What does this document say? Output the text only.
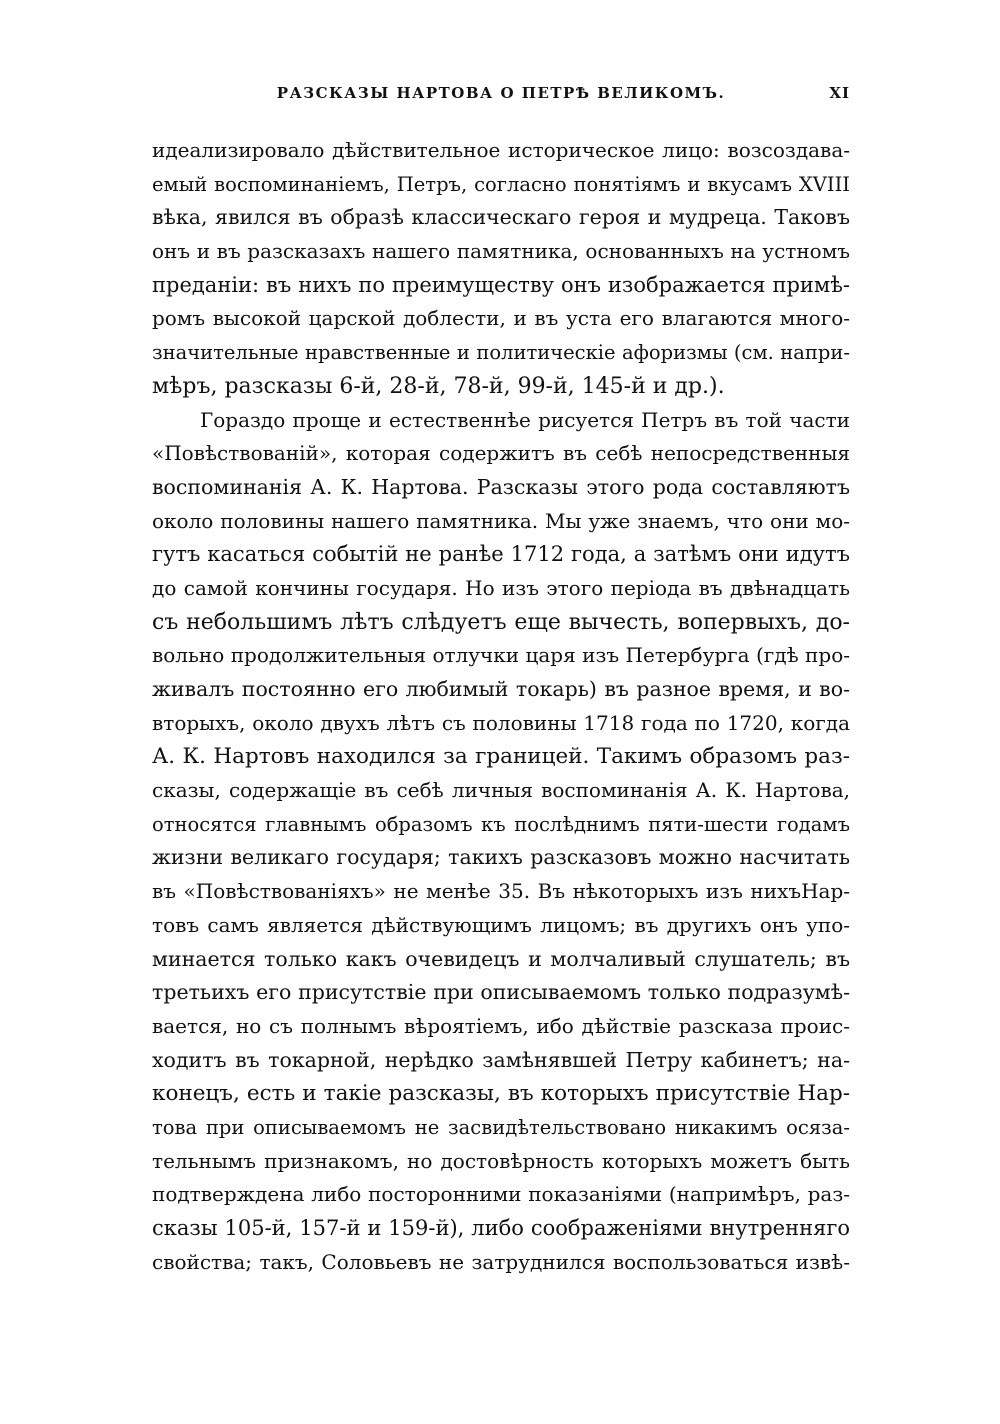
РАЗСКАЗЫ НАРТОВА О ПЕТРѢ ВЕЛИКОМЪ.	XI
идеализировало дѣйствительное историческое лицо: возсоздава-
емый воспоминаніемъ, Петръ, согласно понятіямъ и вкусамъ XVIII
вѣка, явился въ образѣ классическаго героя и мудреца. Таковъ
онъ и въ разсказахъ нашего памятника, основанныхъ на устномъ
преданіи: въ нихъ по преимуществу онъ изображается примѣ-
ромъ высокой царской доблести, и въ уста его влагаются много-
значительные нравственные и политическіе афоризмы (см. напри-
мѣръ, разсказы 6-й, 28-й, 78-й, 99-й, 145-й и др.).
Гораздо проще и естественнѣе рисуется Петръ въ той части
«Повѣствованій», которая содержитъ въ себѣ непосредственныя
воспоминанія А. К. Нартова. Разсказы этого рода составляютъ
около половины нашего памятника. Мы уже знаемъ, что они мо-
гутъ касаться событій не ранѣе 1712 года, а затѣмъ они идутъ
до самой кончины государя. Но изъ этого періода въ двѣнадцать
съ небольшимъ лѣтъ слѣдуетъ еще вычесть, вопервыхъ, до-
вольно продолжительныя отлучки царя изъ Петербурга (гдѣ про-
живалъ постоянно его любимый токарь) въ разное время, и во-
вторыхъ, около двухъ лѣтъ съ половины 1718 года по 1720, когда
А. К. Нартовъ находился за границей. Такимъ образомъ раз-
сказы, содержащіе въ себѣ личныя воспоминанія А. К. Нартова,
относятся главнымъ образомъ къ послѣднимъ пяти-шести годамъ
жизни великаго государя; такихъ разсказовъ можно насчитать
въ «Повѣствованіяхъ» не менѣе 35. Въ нѣкоторыхъ изъ нихъНар-
товъ самъ является дѣйствующимъ лицомъ; въ другихъ онъ упо-
минается только какъ очевидецъ и молчаливый слушатель; въ
третьихъ его присутствіе при описываемомъ только подразумѣ-
вается, но съ полнымъ вѣроятіемъ, ибо дѣйствіе разсказа проис-
ходитъ въ токарной, нерѣдко замѣнявшей Петру кабинетъ; на-
конецъ, есть и такіе разсказы, въ которыхъ присутствіе Нар-
това при описываемомъ не засвидѣтельствовано никакимъ осяза-
тельнымъ признакомъ, но достовѣрность которыхъ можетъ быть
подтверждена либо посторонними показаніями (напримѣръ, раз-
сказы 105-й, 157-й и 159-й), либо соображеніями внутренняго
свойства; такъ, Соловьевъ не затруднился воспользоваться извѣ-
